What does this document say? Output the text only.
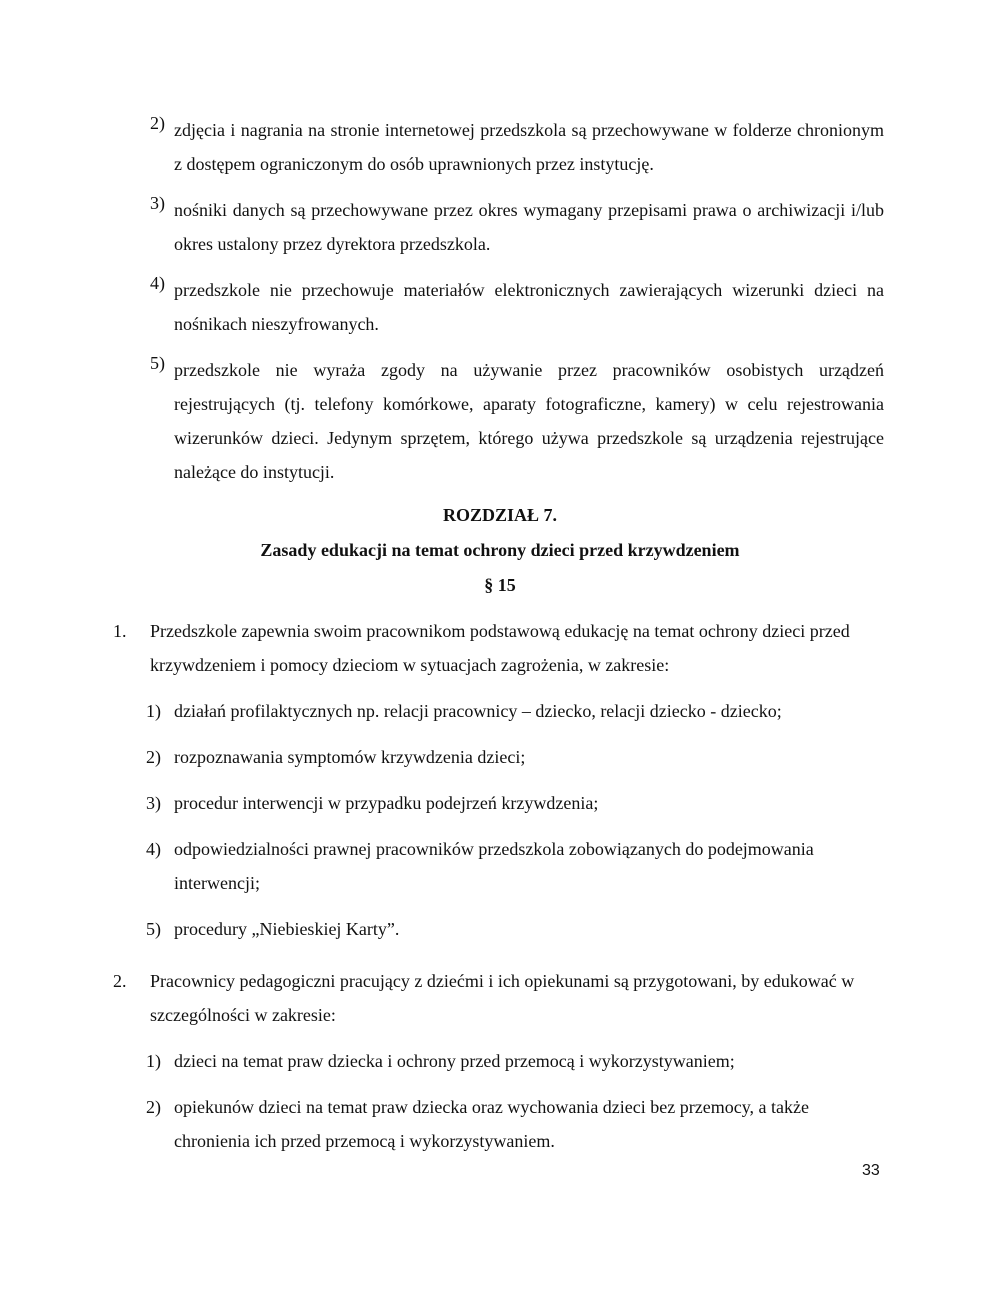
2) zdjęcia i nagrania na stronie internetowej przedszkola są przechowywane w folderze chronionym z dostępem ograniczonym do osób uprawnionych przez instytucję.
3) nośniki danych są przechowywane przez okres wymagany przepisami prawa o archiwizacji i/lub okres ustalony przez dyrektora przedszkola.
4) przedszkole nie przechowuje materiałów elektronicznych zawierających wizerunki dzieci na nośnikach nieszyfrowanych.
5) przedszkole nie wyraża zgody na używanie przez pracowników osobistych urządzeń rejestrujących (tj. telefony komórkowe, aparaty fotograficzne, kamery) w celu rejestrowania wizerunków dzieci. Jedynym sprzętem, którego używa przedszkole są urządzenia rejestrujące należące do instytucji.
ROZDZIAŁ 7.
Zasady edukacji na temat ochrony dzieci przed krzywdzeniem
§ 15
1. Przedszkole zapewnia swoim pracownikom podstawową edukację na temat ochrony dzieci przed krzywdzeniem i pomocy dzieciom w sytuacjach zagrożenia, w zakresie:
1) działań profilaktycznych np. relacji pracownicy – dziecko, relacji dziecko - dziecko;
2) rozpoznawania symptomów krzywdzenia dzieci;
3) procedur interwencji w przypadku podejrzeń krzywdzenia;
4) odpowiedzialności prawnej pracowników przedszkola zobowiązanych do podejmowania interwencji;
5) procedury „Niebieskiej Karty”.
2. Pracownicy pedagogiczni pracujący z dziećmi i ich opiekunami są przygotowani, by edukować w szczególności w zakresie:
1) dzieci na temat praw dziecka i ochrony przed przemocą i wykorzystywaniem;
2) opiekunów dzieci na temat praw dziecka oraz wychowania dzieci bez przemocy, a także chronienia ich przed przemocą i wykorzystywaniem.
33
